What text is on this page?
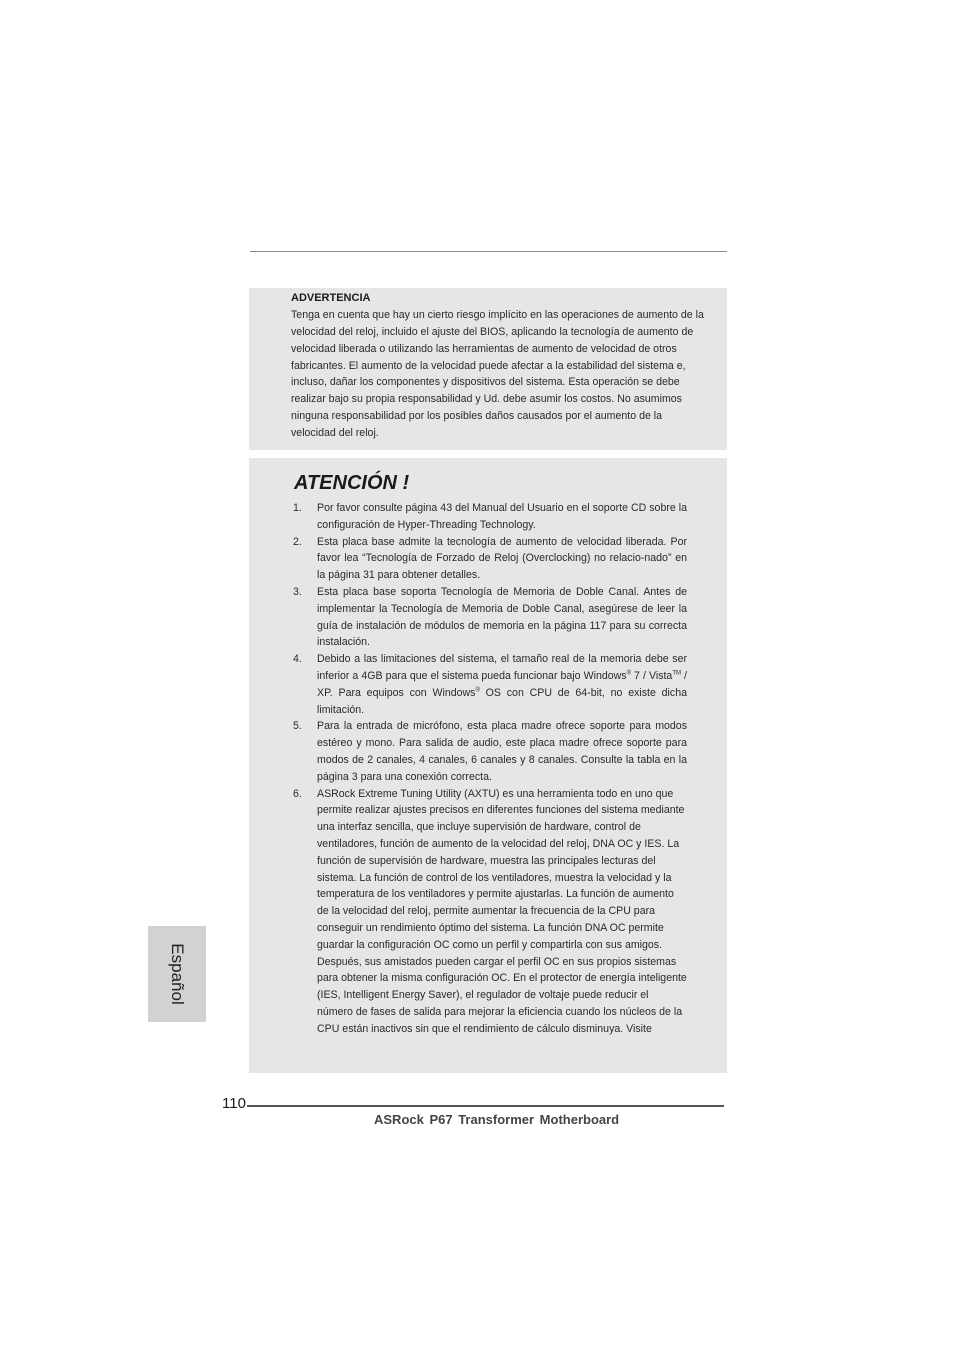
ADVERTENCIA
Tenga en cuenta que hay un cierto riesgo implícito en las operaciones de aumento de la velocidad del reloj, incluido el ajuste del BIOS, aplicando la tecnología de aumento de velocidad liberada o utilizando las herramientas de aumento de velocidad de otros fabricantes. El aumento de la velocidad puede afectar a la estabilidad del sistema e, incluso, dañar los componentes y dispositivos del sistema. Esta operación se debe realizar bajo su propia responsabilidad y Ud. debe asumir los costos. No asumimos ninguna responsabilidad por los posibles daños causados por el aumento de la velocidad del reloj.
ATENCIÓN !
1. Por favor consulte página 43 del Manual del Usuario en el soporte CD sobre la configuración de Hyper-Threading Technology.
2. Esta placa base admite la tecnología de aumento de velocidad liberada. Por favor lea “Tecnología de Forzado de Reloj (Overclocking) no relacio-nado” en la página 31 para obtener detalles.
3. Esta placa base soporta Tecnología de Memoria de Doble Canal. Antes de implementar la Tecnología de Memoria de Doble Canal, asegúrese de leer la guía de instalación de módulos de memoria en la página 117 para su correcta instalación.
4. Debido a las limitaciones del sistema, el tamaño real de la memoria debe ser inferior a 4GB para que el sistema pueda funcionar bajo Windows® 7 / Vista™ / XP. Para equipos con Windows® OS con CPU de 64-bit, no existe dicha limitación.
5. Para la entrada de micrófono, esta placa madre ofrece soporte para modos estéreo y mono. Para salida de audio, este placa madre ofrece soporte para modos de 2 canales, 4 canales, 6 canales y 8 canales. Consulte la tabla en la página 3 para una conexión correcta.
6. ASRock Extreme Tuning Utility (AXTU) es una herramienta todo en uno que permite realizar ajustes precisos en diferentes funciones del sistema mediante una interfaz sencilla, que incluye supervisión de hardware, control de ventiladores, función de aumento de la velocidad del reloj, DNA OC y IES. La función de supervisión de hardware, muestra las principales lecturas del sistema. La función de control de los ventiladores, muestra la velocidad y la temperatura de los ventiladores y permite ajustarlas. La función de aumento de la velocidad del reloj, permite aumentar la frecuencia de la CPU para conseguir un rendimiento óptimo del sistema. La función DNA OC permite guardar la configuración OC como un perfil y compartirla con sus amigos. Después, sus amistados pueden cargar el perfil OC en sus propios sistemas para obtener la misma configuración OC. En el protector de energía inteligente (IES, Intelligent Energy Saver), el regulador de voltaje puede reducir el número de fases de salida para mejorar la eficiencia cuando los núcleos de la CPU están inactivos sin que el rendimiento de cálculo disminuya. Visite
Español
110
ASRock P67 Transformer Motherboard
